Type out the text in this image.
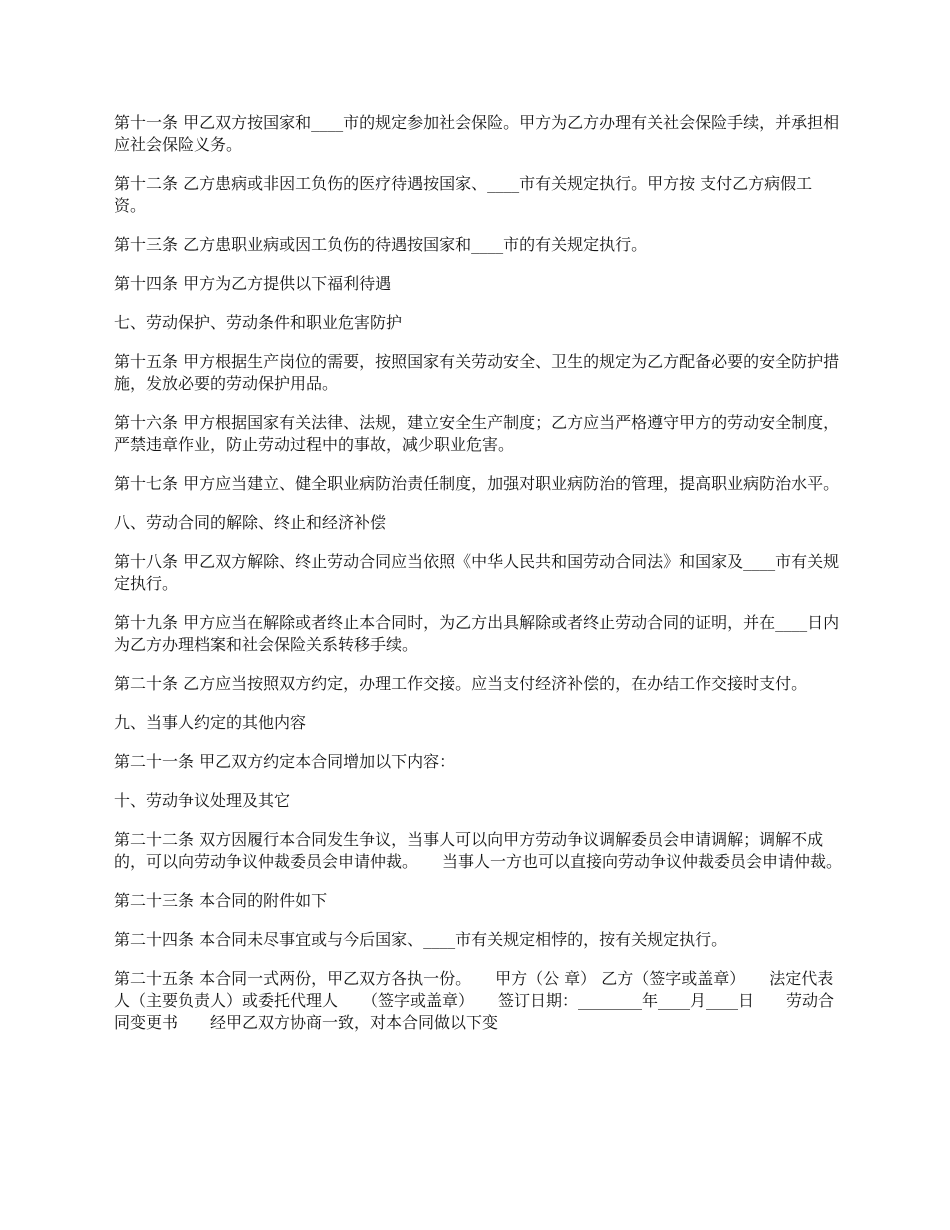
第十一条 甲乙双方按国家和____市的规定参加社会保险。甲方为乙方办理有关社会保险手续，并承担相应社会保险义务。

第十二条 乙方患病或非因工负伤的医疗待遇按国家、____市有关规定执行。甲方按 支付乙方病假工资。

第十三条 乙方患职业病或因工负伤的待遇按国家和____市的有关规定执行。

第十四条 甲方为乙方提供以下福利待遇

七、劳动保护、劳动条件和职业危害防护

第十五条 甲方根据生产岗位的需要，按照国家有关劳动安全、卫生的规定为乙方配备必要的安全防护措施，发放必要的劳动保护用品。

第十六条 甲方根据国家有关法律、法规，建立安全生产制度；乙方应当严格遵守甲方的劳动安全制度，严禁违章作业，防止劳动过程中的事故，减少职业危害。

第十七条 甲方应当建立、健全职业病防治责任制度，加强对职业病防治的管理，提高职业病防治水平。

八、劳动合同的解除、终止和经济补偿

第十八条 甲乙双方解除、终止劳动合同应当依照《中华人民共和国劳动合同法》和国家及____市有关规定执行。

第十九条 甲方应当在解除或者终止本合同时，为乙方出具解除或者终止劳动合同的证明，并在____日内为乙方办理档案和社会保险关系转移手续。

第二十条 乙方应当按照双方约定，办理工作交接。应当支付经济补偿的，在办结工作交接时支付。

九、当事人约定的其他内容

第二十一条 甲乙双方约定本合同增加以下内容：

十、劳动争议处理及其它

第二十二条 双方因履行本合同发生争议，当事人可以向甲方劳动争议调解委员会申请调解；调解不成的，可以向劳动争议仲裁委员会申请仲裁。　　当事人一方也可以直接向劳动争议仲裁委员会申请仲裁。

第二十三条 本合同的附件如下

第二十四条 本合同未尽事宜或与今后国家、____市有关规定相悖的，按有关规定执行。

第二十五条 本合同一式两份，甲乙双方各执一份。　　甲方（公 章） 乙方（签字或盖章）　　法定代表人（主要负责人）或委托代理人　　（签字或盖章）　　签订日期：________年____月____日　　劳动合同变更书　　经甲乙双方协商一致，对本合同做以下变
